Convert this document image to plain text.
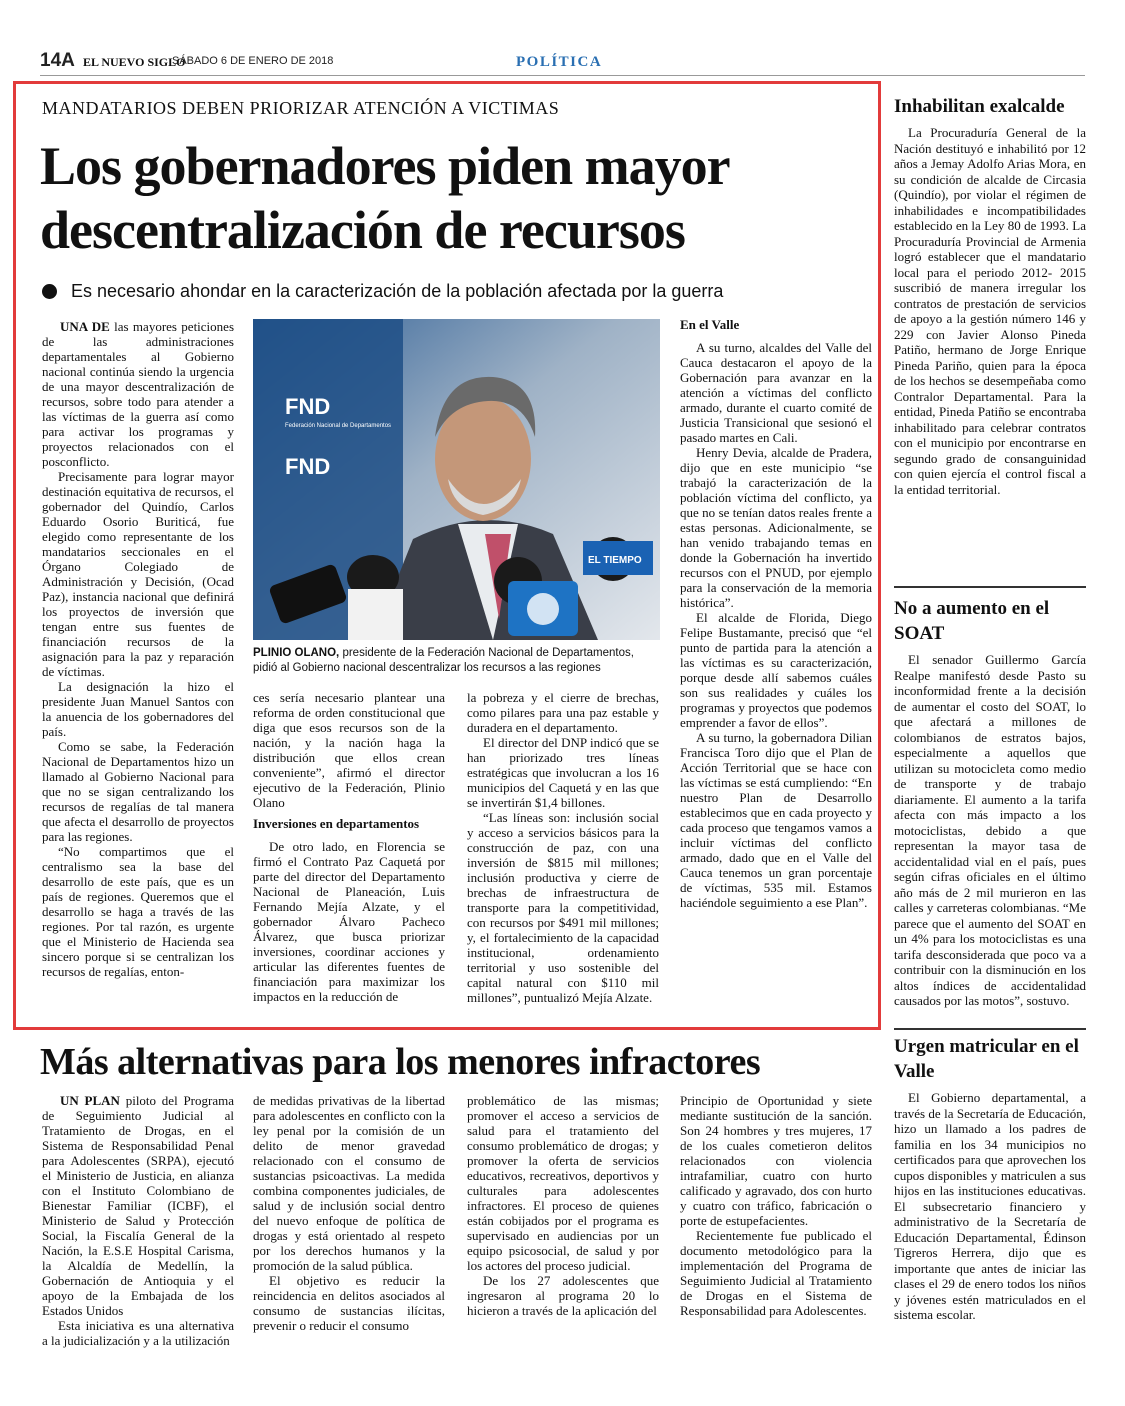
14A EL NUEVO SIGLO
SÁBADO 6 DE ENERO DE 2018	POLÍTICA
MANDATARIOS DEBEN PRIORIZAR ATENCIÓN A VICTIMAS
Los gobernadores piden mayor descentralización de recursos
Es necesario ahondar en la caracterización de la población afectada por la guerra

UNA DE las mayores peticiones de las administraciones departamentales al Gobierno nacional continúa siendo la urgencia de una mayor descentralización de recursos, sobre todo para atender a las víctimas de la guerra así como para activar los programas y proyectos relacionados con el posconflicto.

Precisamente para lograr mayor destinación equitativa de recursos, el gobernador del Quindío, Carlos Eduardo Osorio Buriticá, fue elegido como representante de los mandatarios seccionales en el Órgano Colegiado de Administración y Decisión, (Ocad Paz), instancia nacional que definirá los proyectos de inversión que tengan entre sus fuentes de financiación recursos de la asignación para la paz y reparación de víctimas.

La designación la hizo el presidente Juan Manuel Santos con la anuencia de los gobernadores del país.

Como se sabe, la Federación Nacional de Departamentos hizo un llamado al Gobierno Nacional para que no se sigan centralizando los recursos de regalías de tal manera que afecta el desarrollo de proyectos para las regiones.

“No compartimos que el centralismo sea la base del desarrollo de este país, que es un país de regiones. Queremos que el desarrollo se haga a través de las regiones. Por tal razón, es urgente que el Ministerio de Hacienda sea sincero porque si se centralizan los recursos de regalías, enton-

FND
FND
Federación Nacional de Departamentos
EL TIEMPO
PLINIO OLANO, presidente de la Federación Nacional de Departamentos, pidió al Gobierno nacional descentralizar los recursos a las regiones

ces sería necesario plantear una reforma de orden constitucional que diga que esos recursos son de la nación, y la nación haga la distribución que ellos crean conveniente”, afirmó el director ejecutivo de la Federación, Plinio Olano

Inversiones en departamentos

De otro lado, en Florencia se firmó el Contrato Paz Caquetá por parte del director del Departamento Nacional de Planeación, Luis Fernando Mejía Alzate, y el gobernador Álvaro Pacheco Álvarez, que busca priorizar inversiones, coordinar acciones y articular las diferentes fuentes de financiación para maximizar los impactos en la reducción de

la pobreza y el cierre de brechas, como pilares para una paz estable y duradera en el departamento.

El director del DNP indicó que se han priorizado tres líneas estratégicas que involucran a los 16 municipios del Caquetá y en las que se invertirán $1,4 billones.

“Las líneas son: inclusión social y acceso a servicios básicos para la construcción de paz, con una inversión de $815 mil millones; inclusión productiva y cierre de brechas de infraestructura de transporte para la competitividad, con recursos por $491 mil millones; y, el fortalecimiento de la capacidad institucional, ordenamiento territorial y uso sostenible del capital natural con $110 mil millones”, puntualizó Mejía Alzate.

En el Valle

A su turno, alcaldes del Valle del Cauca destacaron el apoyo de la Gobernación para avanzar en la atención a víctimas del conflicto armado, durante el cuarto comité de Justicia Transicional que sesionó el pasado martes en Cali.

Henry Devia, alcalde de Pradera, dijo que en este municipio “se trabajó la caracterización de la población víctima del conflicto, ya que no se tenían datos reales frente a estas personas. Adicionalmente, se han venido trabajando temas en donde la Gobernación ha invertido recursos con el PNUD, por ejemplo para la conservación de la memoria histórica”.

El alcalde de Florida, Diego Felipe Bustamante, precisó que “el punto de partida para la atención a las víctimas es su caracterización, porque desde allí sabemos cuáles son sus realidades y cuáles los programas y proyectos que podemos emprender a favor de ellos”.

A su turno, la gobernadora Dilian Francisca Toro dijo que el Plan de Acción Territorial que se hace con las víctimas se está cumpliendo: “En nuestro Plan de Desarrollo establecimos que en cada proyecto y cada proceso que tengamos vamos a incluir víctimas del conflicto armado, dado que en el Valle del Cauca tenemos un gran porcentaje de víctimas, 535 mil. Estamos haciéndole seguimiento a ese Plan”.

Inhabilitan exalcalde

La Procuraduría General de la Nación destituyó e inhabilitó por 12 años a Jemay Adolfo Arias Mora, en su condición de alcalde de Circasia (Quindío), por violar el régimen de inhabilidades e incompatibilidades establecido en la Ley 80 de 1993. La Procuraduría Provincial de Armenia logró establecer que el mandatario local para el periodo 2012- 2015 suscribió de manera irregular los contratos de prestación de servicios de apoyo a la gestión número 146 y 229 con Javier Alonso Pineda Patiño, hermano de Jorge Enrique Pineda Pariño, quien para la época de los hechos se desempeñaba como Contralor Departamental. Para la entidad, Pineda Patiño se encontraba inhabilitado para celebrar contratos con el municipio por encontrarse en segundo grado de consanguinidad con quien ejercía el control fiscal a la entidad territorial.

No a aumento en el SOAT

El senador Guillermo García Realpe manifestó desde Pasto su inconformidad frente a la decisión de aumentar el costo del SOAT, lo que afectará a millones de colombianos de estratos bajos, especialmente a aquellos que utilizan su motocicleta como medio de transporte y de trabajo diariamente. El aumento a la tarifa afecta con más impacto a los motociclistas, debido a que representan la mayor tasa de accidentalidad vial en el país, pues según cifras oficiales en el último año más de 2 mil murieron en las calles y carreteras colombianas. “Me parece que el aumento del SOAT en un 4% para los motociclistas es una tarifa desconsiderada que poco va a contribuir con la disminución en los altos índices de accidentalidad causados por las motos”, sostuvo.

Urgen matricular en el Valle

El Gobierno departamental, a través de la Secretaría de Educación, hizo un llamado a los padres de familia en los 34 municipios no certificados para que aprovechen los cupos disponibles y matriculen a sus hijos en las instituciones educativas. El subsecretario financiero y administrativo de la Secretaría de Educación Departamental, Édinson Tigreros Herrera, dijo que es importante que antes de iniciar las clases el 29 de enero todos los niños y jóvenes estén matriculados en el sistema escolar.

Más alternativas para los menores infractores

UN PLAN piloto del Programa de Seguimiento Judicial al Tratamiento de Drogas, en el Sistema de Responsabilidad Penal para Adolescentes (SRPA), ejecutó el Ministerio de Justicia, en alianza con el Instituto Colombiano de Bienestar Familiar (ICBF), el Ministerio de Salud y Protección Social, la Fiscalía General de la Nación, la E.S.E Hospital Carisma, la Alcaldía de Medellín, la Gobernación de Antioquia y el apoyo de la Embajada de los Estados Unidos

Esta iniciativa es una alternativa a la judicialización y a la utilización

de medidas privativas de la libertad para adolescentes en conflicto con la ley penal por la comisión de un delito de menor gravedad relacionado con el consumo de sustancias psicoactivas. La medida combina componentes judiciales, de salud y de inclusión social dentro del nuevo enfoque de política de drogas y está orientado al respeto por los derechos humanos y la promoción de la salud pública.

El objetivo es reducir la reincidencia en delitos asociados al consumo de sustancias ilícitas, prevenir o reducir el consumo

problemático de las mismas; promover el acceso a servicios de salud para el tratamiento del consumo problemático de drogas; y promover la oferta de servicios educativos, recreativos, deportivos y culturales para adolescentes infractores. El proceso de quienes están cobijados por el programa es supervisado en audiencias por un equipo psicosocial, de salud y por los actores del proceso judicial.

De los 27 adolescentes que ingresaron al programa 20 lo hicieron a través de la aplicación del

Principio de Oportunidad y siete mediante sustitución de la sanción. Son 24 hombres y tres mujeres, 17 de los cuales cometieron delitos relacionados con violencia intrafamiliar, cuatro con hurto calificado y agravado, dos con hurto y cuatro con tráfico, fabricación o porte de estupefacientes.

Recientemente fue publicado el documento metodológico para la implementación del Programa de Seguimiento Judicial al Tratamiento de Drogas en el Sistema de Responsabilidad para Adolescentes.
